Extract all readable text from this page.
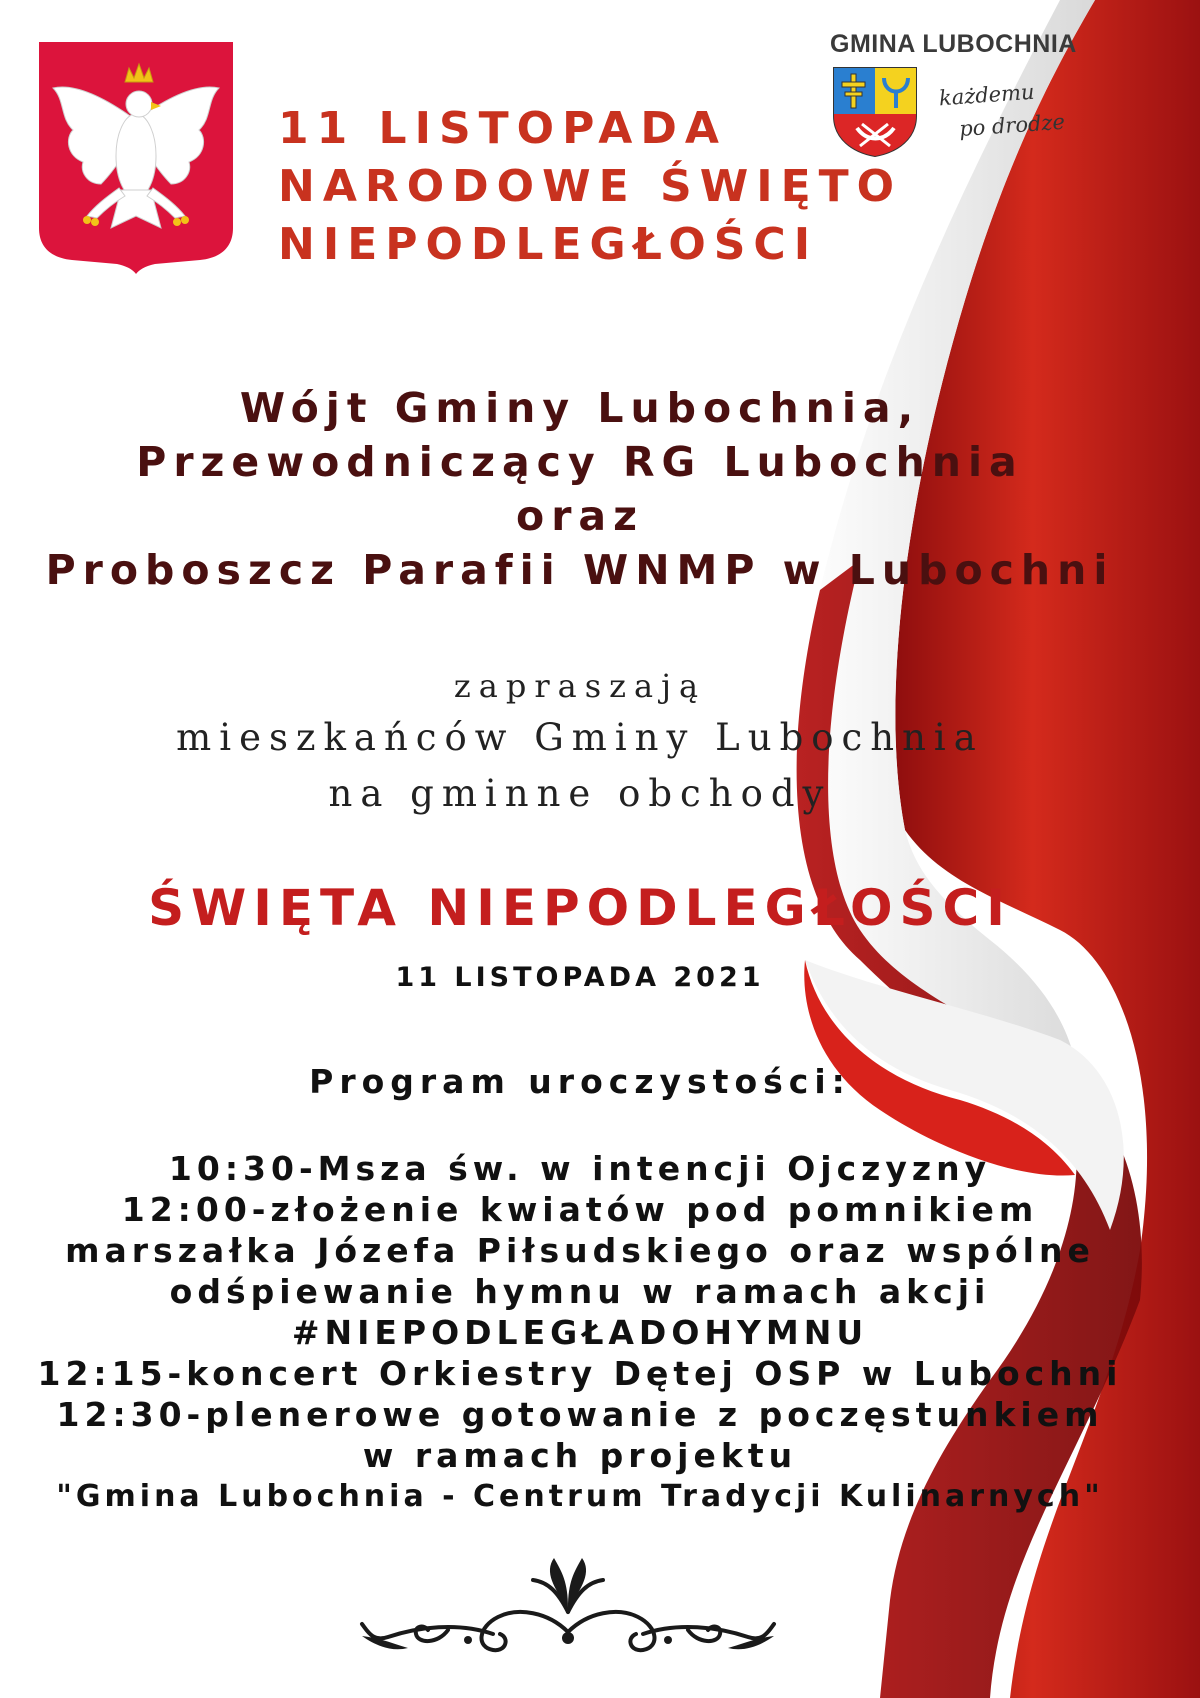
11 LISTOPADA
NARODOWE ŚWIĘTO
NIEPODLEGŁOŚCI
GMINA LUBOCHNIA
każdemu
po drodze
Wójt Gminy Lubochnia,
Przewodniczący RG Lubochnia
oraz
Proboszcz Parafii WNMP w Lubochni
zapraszają
mieszkańców Gminy Lubochnia
na gminne obchody
ŚWIĘTA NIEPODLEGŁOŚCI
11 LISTOPADA 2021
Program uroczystości:
10:30-Msza św. w intencji Ojczyzny
12:00-złożenie kwiatów pod pomnikiem
marszałka Józefa Piłsudskiego oraz wspólne
odśpiewanie hymnu w ramach akcji
#NIEPODLEGŁADOHYMNU
12:15-koncert Orkiestry Dętej OSP w Lubochni
12:30-plenerowe gotowanie z poczęstunkiem
w ramach projektu
"Gmina Lubochnia - Centrum Tradycji Kulinarnych"
